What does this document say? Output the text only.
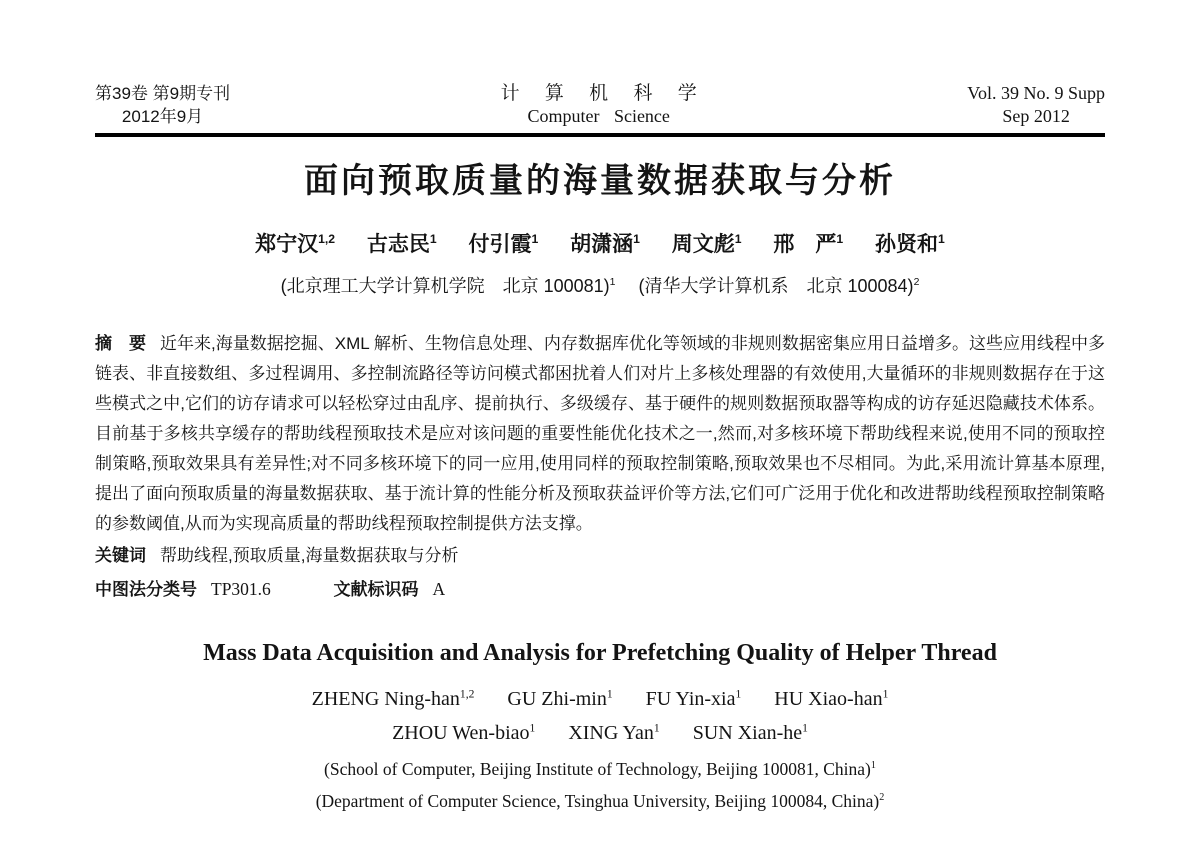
第39卷 第9期专刊
2012年9月
计 算 机 科 学
Computer Science
Vol. 39 No. 9 Supp
Sep 2012
面向预取质量的海量数据获取与分析
郑宁汉$^{1,2}$ 古志民$^1$ 付引霞$^1$ 胡潇涵$^1$ 周文彪$^1$ 邢　严$^1$ 孙贤和$^1$
(北京理工大学计算机学院　北京 100081)$^1$ (清华大学计算机系　北京 100084)$^2$
摘　要 近年来,海量数据挖掘、XML 解析、生物信息处理、内存数据库优化等领域的非规则数据密集应用日益增多。这些应用线程中多链表、非直接数组、多过程调用、多控制流路径等访问模式都困扰着人们对片上多核处理器的有效使用,大量循环的非规则数据存在于这些模式之中,它们的访存请求可以轻松穿过由乱序、提前执行、多级缓存、基于硬件的规则数据预取器等构成的访存延迟隐藏技术体系。目前基于多核共享缓存的帮助线程预取技术是应对该问题的重要性能优化技术之一,然而,对多核环境下帮助线程来说,使用不同的预取控制策略,预取效果具有差异性;对不同多核环境下的同一应用,使用同样的预取控制策略,预取效果也不尽相同。为此,采用流计算基本原理,提出了面向预取质量的海量数据获取、基于流计算的性能分析及预取获益评价等方法,它们可广泛用于优化和改进帮助线程预取控制策略的参数阈值,从而为实现高质量的帮助线程预取控制提供方法支撑。
关键词 帮助线程,预取质量,海量数据获取与分析
中图法分类号 TP301.6	文献标识码 A
Mass Data Acquisition and Analysis for Prefetching Quality of Helper Thread
ZHENG Ning-han$^{1,2}$ GU Zhi-$\min^1$ FU Yin-xia$^1$ HU Xiao-han$^1$
ZHOU Wen-biao$^1$ XING Yan$^1$ SUN Xian-$he^1$
(School of Computer, Beijing Institute of Technology, Beijing 100081, China)$^1$
(Department of Computer Science, Tsinghua University, Beijing 100084, China)$^2$
